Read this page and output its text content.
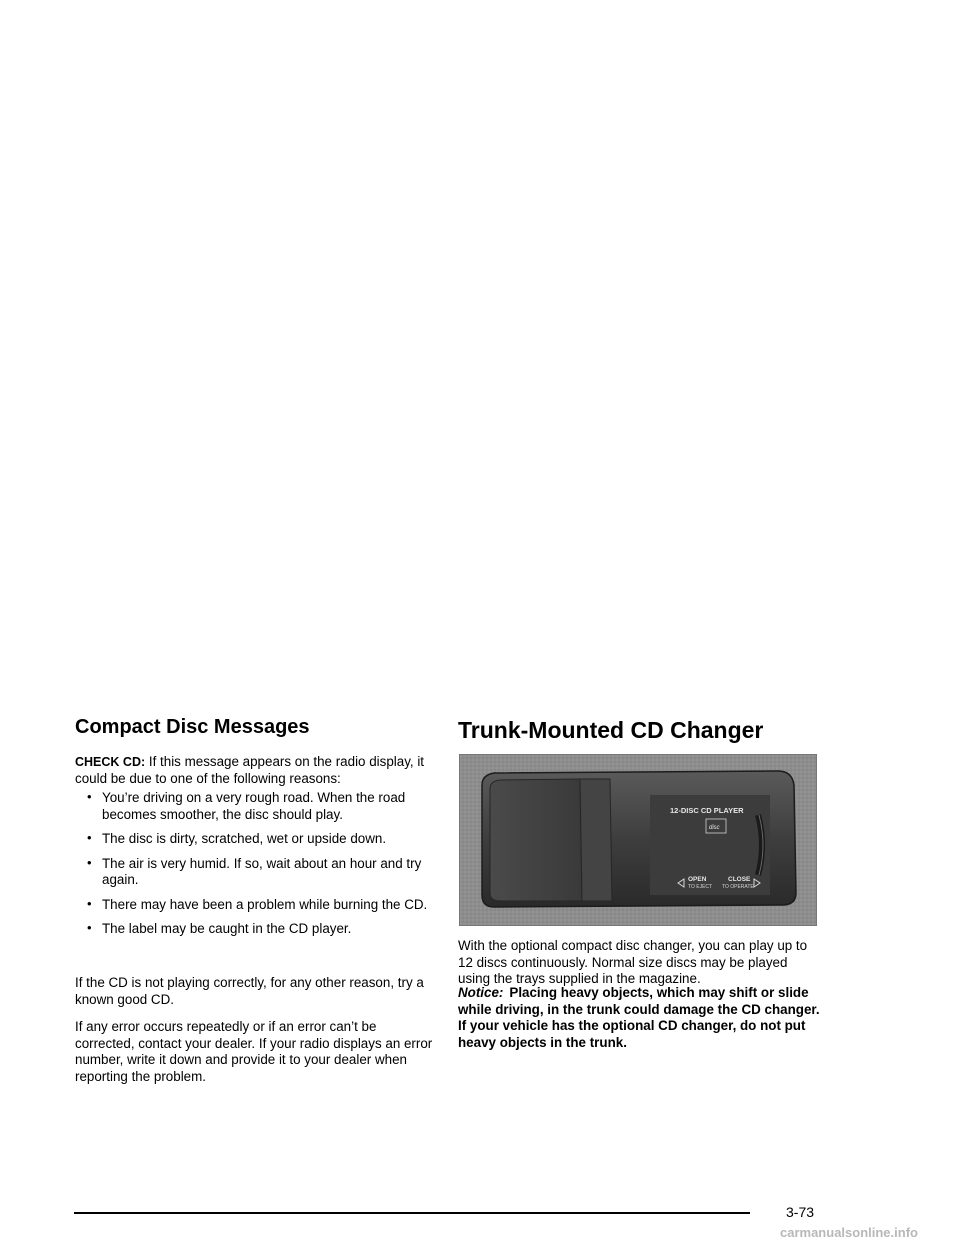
Compact Disc Messages

CHECK CD: If this message appears on the radio display, it could be due to one of the following reasons:

• You’re driving on a very rough road. When the road becomes smoother, the disc should play.
• The disc is dirty, scratched, wet or upside down.
• The air is very humid. If so, wait about an hour and try again.
• There may have been a problem while burning the CD.
• The label may be caught in the CD player.

If the CD is not playing correctly, for any other reason, try a known good CD.

If any error occurs repeatedly or if an error can’t be corrected, contact your dealer. If your radio displays an error number, write it down and provide it to your dealer when reporting the problem.

Trunk-Mounted CD Changer
12-DISC CD PLAYER
disc
OPEN
TO EJECT
CLOSE
TO OPERATE

With the optional compact disc changer, you can play up to 12 discs continuously. Normal size discs may be played using the trays supplied in the magazine.

Notice: Placing heavy objects, which may shift or slide while driving, in the trunk could damage the CD changer. If your vehicle has the optional CD changer, do not put heavy objects in the trunk.

3-73
carmanualsonline.info
